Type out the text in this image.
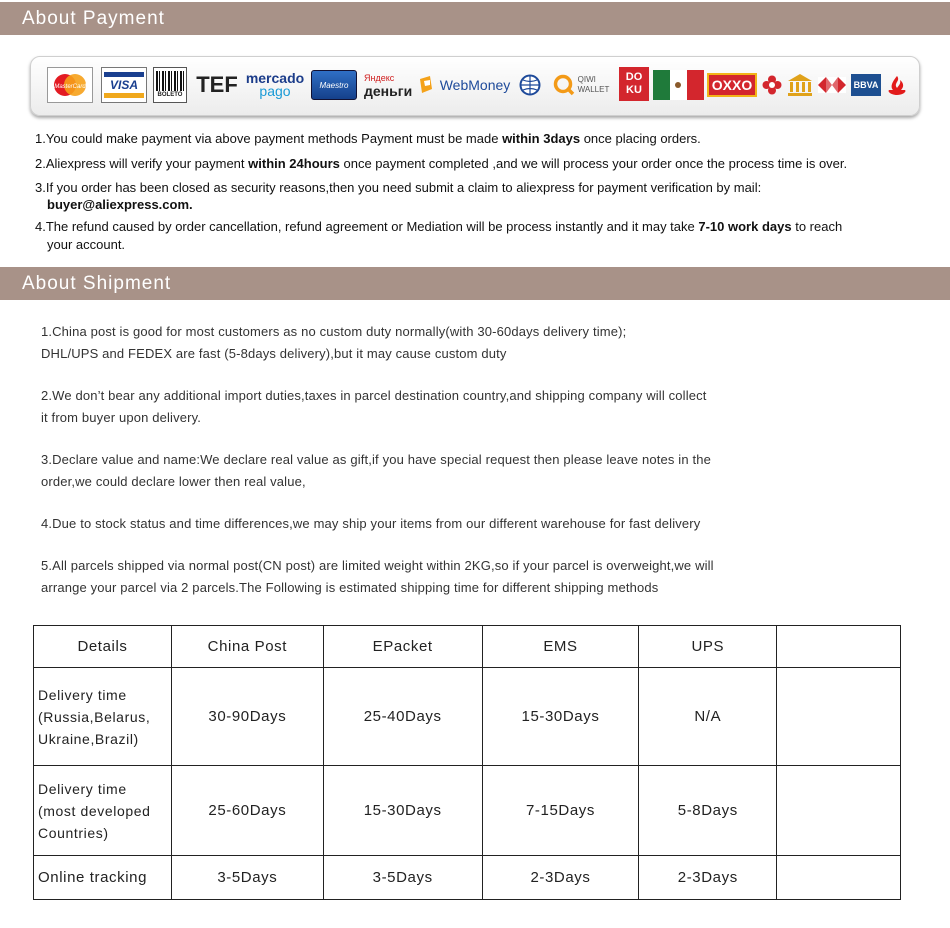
About Payment
MasterCard VISA
BOLETO TEF mercado
pago	Maestro
Яндекс
деньги WebMoney	QIWI
WALLET
DO
KU	OXXO	BBVA
1.You could make payment via above payment methods Payment must be made within 3days once placing orders.
2.Aliexpress will verify your payment within 24hours once payment completed ,and we will process your order once the process time is over.
3.If you order has been closed as security reasons,then you need submit a claim to aliexpress for payment verification by mail:
buyer@aliexpress.com.
4.The refund caused by order cancellation, refund agreement or Mediation will be process instantly and it may take 7-10 work days to reach
your account.
About Shipment
1.China post is good for most customers as no custom duty normally(with 30-60days delivery time);
DHL/UPS and FEDEX are fast (5-8days delivery),but it may cause custom duty
2.We don’t bear any additional import duties,taxes in parcel destination country,and shipping company will collect
it from buyer upon delivery.
3.Declare value and name:We declare real value as gift,if you have special request then please leave notes in the
order,we could declare lower then real value,
4.Due to stock status and time differences,we may ship your items from our different warehouse for fast delivery
5.All parcels shipped via normal post(CN post) are limited weight within 2KG,so if your parcel is overweight,we will
arrange your parcel via 2 parcels.The Following is estimated shipping time for different shipping methods
Details	China Post	EPacket	EMS	UPS	

Delivery time
(Russia,Belarus,
Ukraine,Brazil)	30-90Days	25-40Days	15-30Days	N/A	

Delivery time
(most developed
Countries)	25-60Days	15-30Days	7-15Days	5-8Days	

Online tracking	3-5Days	3-5Days	2-3Days	2-3Days	
